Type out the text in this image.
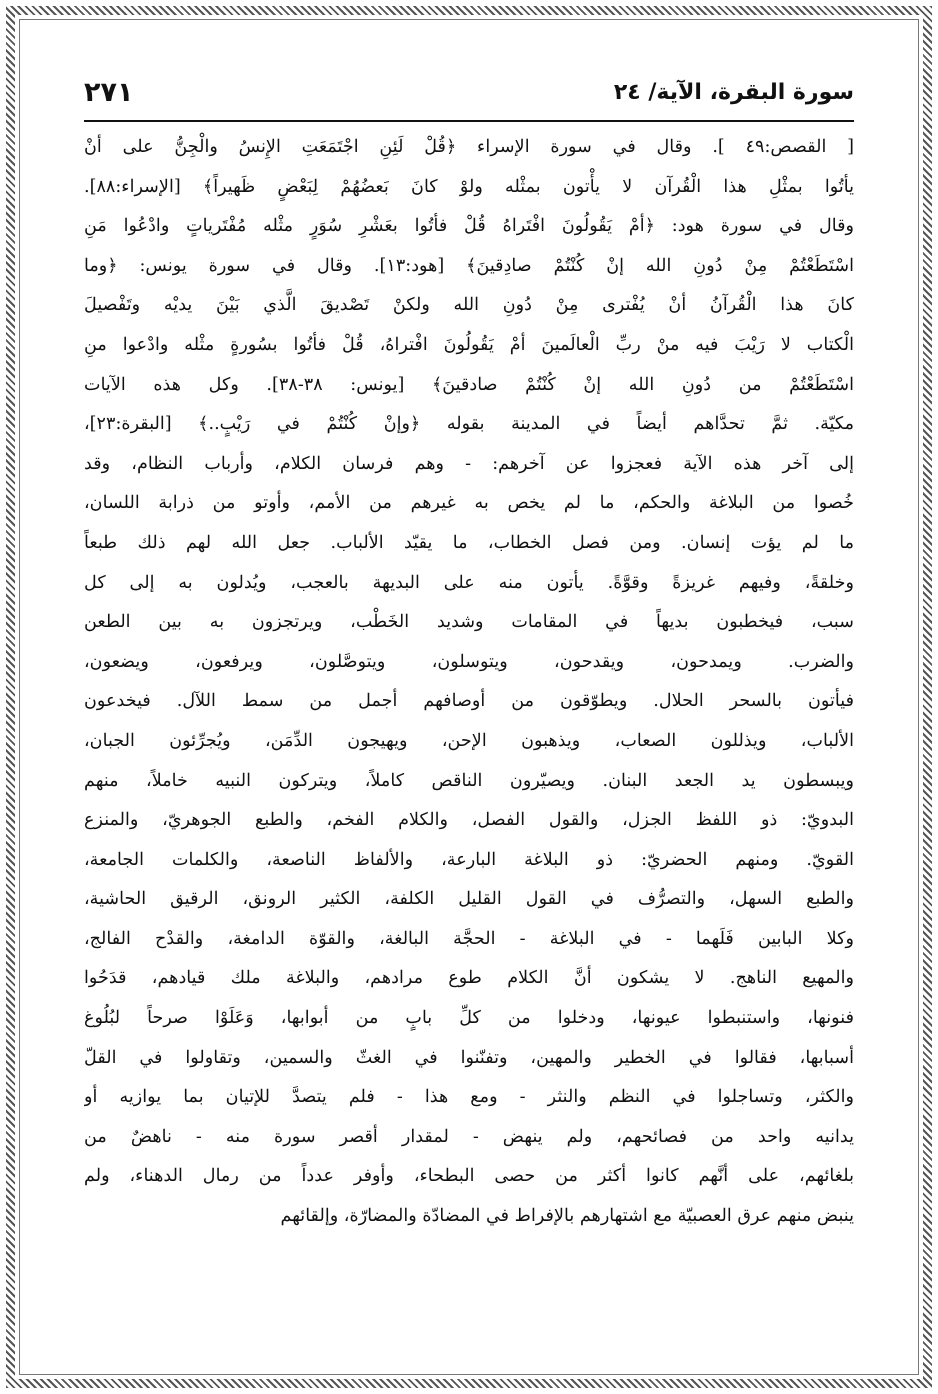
٢٧١	سورة البقرة، الآية/ ٢٤
[ القصص:٤٩ ]. وقال في سورة الإسراء ﴿قُلْ لَئِنِ اجْتَمَعَتِ الإِنسُ والْجِنُّ على أنْ
يأتُوا بمثْلِ هذا الْقُرآن لا يأْتون بمثْله ولوْ كانَ بَعضُهُمْ لِبَعْضٍ ظَهيراً﴾ [الإسراء:٨٨].
وقال في سورة هود: ﴿أمْ يَقُولُونَ افْتَراهُ قُلْ فأتُوا بعَشْرِ سُوَرٍ مثْله مُفْتَرياتٍ وادْعُوا مَنِ
اسْتَطَعْتُمْ مِنْ دُونِ الله إنْ كُنْتُمْ صادِقينَ﴾ [هود:١٣]. وقال في سورة يونس: ﴿وما
كانَ هذا الْقُرآنُ أنْ يُفْترى مِنْ دُونِ الله ولكنْ تَصْديقَ الَّذي بَيْنَ يديْه وتَفْصيلَ
الْكتاب لا رَيْبَ فيه منْ ربِّ الْعالَمينَ أمْ يَقُولُونَ افْتراهُ، قُلْ فأتُوا بسُورةٍ مثْله وادْعوا منِ
اسْتَطَعْتُمْ من دُونِ الله إنْ كُنْتُمْ صادقينَ﴾ [يونس: ٣٨-٣٨]. وكل هذه الآيات
مكيّة. ثمَّ تحدَّاهم أيضاً في المدينة بقوله ﴿وإنْ كُنْتُمْ في رَيْبٍ..﴾ [البقرة:٢٣]،
إلى آخر هذه الآية فعجزوا عن آخرهم: - وهم فرسان الكلام، وأرباب النظام، وقد
خُصوا من البلاغة والحكم، ما لم يخص به غيرهم من الأمم، وأوتو من ذرابة اللسان،
ما لم يؤت إنسان. ومن فصل الخطاب، ما يقيّد الألباب. جعل الله لهم ذلك طبعاً
وخلقةً، وفيهم غريزةً وقوَّةً. يأتون منه على البديهة بالعجب، ويُدلون به إلى كل
سبب، فيخطبون بديهاً في المقامات وشديد الخَطْب، ويرتجزون به بين الطعن
والضرب. ويمدحون، ويقدحون، ويتوسلون، ويتوصَّلون، ويرفعون، ويضعون،
فيأتون بالسحر الحلال. ويطوّقون من أوصافهم أجمل من سمط اللآل. فيخدعون
الألباب، ويذللون الصعاب، ويذهبون الإحن، ويهيجون الدِّمَن، ويُجرِّئون الجبان،
ويبسطون يد الجعد البنان. ويصيّرون الناقص كاملاً، ويتركون النبيه خاملاً، منهم
البدويّ: ذو اللفظ الجزل، والقول الفصل، والكلام الفخم، والطبع الجوهريّ، والمنزع
القويّ. ومنهم الحضريّ: ذو البلاغة البارعة، والألفاظ الناصعة، والكلمات الجامعة،
والطبع السهل، والتصرُّف في القول القليل الكلفة، الكثير الرونق، الرقيق الحاشية،
وكلا البابين فَلَهما - في البلاغة - الحجَّة البالغة، والقوّة الدامغة، والقدْح الفالج،
والمهيع الناهج. لا يشكون أنَّ الكلام طوع مرادهم، والبلاغة ملك قيادهم، قدَحُوا
فنونها، واستنبطوا عيونها، ودخلوا من كلِّ بابٍ من أبوابها، وَعَلَوْا صرحاً لبُلُوغ
أسبابها، فقالوا في الخطير والمهين، وتفنّنوا في الغثّ والسمين، وتقاولوا في القلّ
والكثر، وتساجلوا في النظم والنثر - ومع هذا - فلم يتصدَّ للإتيان بما يوازيه أو
يدانيه واحد من فصائحهم، ولم ينهض - لمقدار أقصر سورة منه - ناهضٌ من
بلغائهم، على أنَّهم كانوا أكثر من حصى البطحاء، وأوفر عدداً من رمال الدهناء، ولم
ينبض منهم عرق العصبيّة مع اشتهارهم بالإفراط في المضادّة والمضارّة، وإلقائهم
